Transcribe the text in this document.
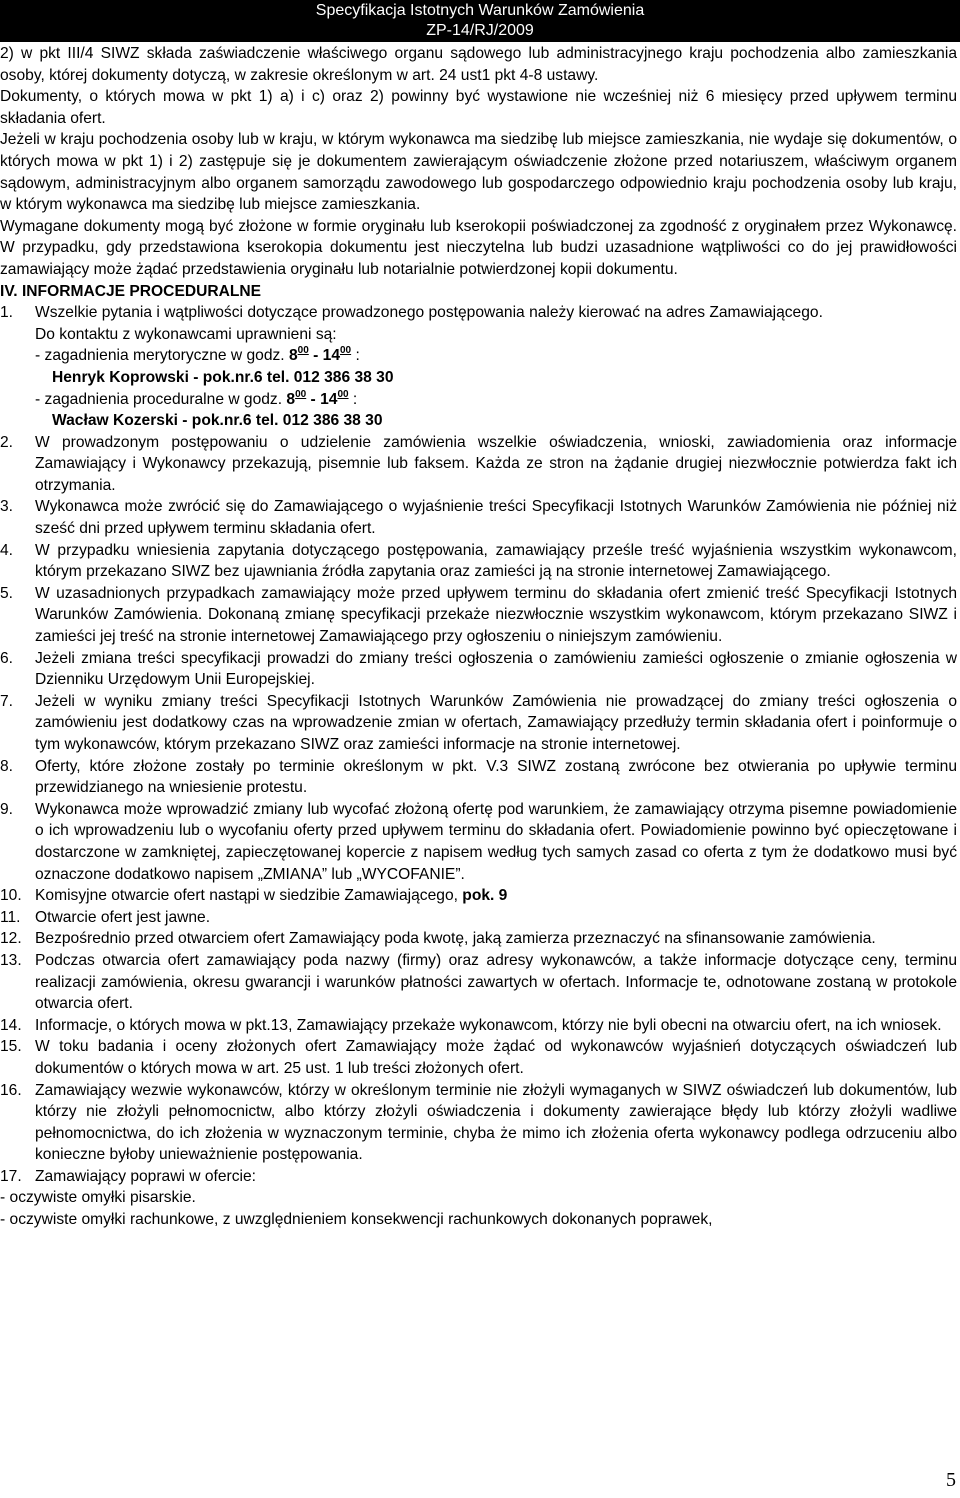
Specyfikacja Istotnych Warunków Zamówienia
ZP-14/RJ/2009

2) w pkt III/4 SIWZ składa zaświadczenie właściwego organu sądowego lub administracyjnego kraju pochodzenia albo zamieszkania osoby, której dokumenty dotyczą, w zakresie określonym w art. 24 ust1 pkt 4-8 ustawy.

Dokumenty, o których mowa w pkt 1) a) i c) oraz 2) powinny być wystawione nie wcześniej niż 6 miesięcy przed upływem terminu składania ofert.

Jeżeli w kraju pochodzenia osoby lub w kraju, w którym wykonawca ma siedzibę lub miejsce zamieszkania, nie wydaje się dokumentów, o których mowa w pkt 1) i 2) zastępuje się je dokumentem zawierającym oświadczenie złożone przed notariuszem, właściwym organem sądowym, administracyjnym albo organem samorządu zawodowego lub gospodarczego odpowiednio kraju pochodzenia osoby lub kraju, w którym wykonawca ma siedzibę lub miejsce zamieszkania.

Wymagane dokumenty mogą być złożone w formie oryginału lub kserokopii poświadczonej za zgodność z oryginałem przez Wykonawcę. W przypadku, gdy przedstawiona kserokopia dokumentu jest nieczytelna lub budzi uzasadnione wątpliwości co do jej prawidłowości zamawiający może żądać przedstawienia oryginału lub notarialnie potwierdzonej kopii dokumentu.

IV. INFORMACJE PROCEDURALNE

1.	Wszelkie pytania i wątpliwości dotyczące prowadzonego postępowania należy kierować na adres Zamawiającego.
Do kontaktu z wykonawcami uprawnieni są:
- zagadnienia merytoryczne w godz. $8^{00} - 14^{00}$ :
Henryk Koprowski - pok.nr.6 tel. 012 386 38 30
- zagadnienia proceduralne w godz. $8^{00} - 14^{00}$ :
Wacław Kozerski - pok.nr.6 tel. 012 386 38 30
2.	W prowadzonym postępowaniu o udzielenie zamówienia wszelkie oświadczenia, wnioski, zawiadomienia oraz informacje Zamawiający i Wykonawcy przekazują, pisemnie lub faksem. Każda ze stron na żądanie drugiej niezwłocznie potwierdza fakt ich otrzymania.
3.	Wykonawca może zwrócić się do Zamawiającego o wyjaśnienie treści Specyfikacji Istotnych Warunków Zamówienia nie później niż sześć dni przed upływem terminu składania ofert.
4.	W przypadku wniesienia zapytania dotyczącego postępowania, zamawiający prześle treść wyjaśnienia wszystkim wykonawcom, którym przekazano SIWZ bez ujawniania źródła zapytania oraz zamieści ją na stronie internetowej Zamawiającego.
5.	W uzasadnionych przypadkach zamawiający może przed upływem terminu do składania ofert zmienić treść Specyfikacji Istotnych Warunków Zamówienia. Dokonaną zmianę specyfikacji przekaże niezwłocznie wszystkim wykonawcom, którym przekazano SIWZ i zamieści jej treść na stronie internetowej Zamawiającego przy ogłoszeniu o niniejszym zamówieniu.
6.	Jeżeli zmiana treści specyfikacji prowadzi do zmiany treści ogłoszenia o zamówieniu zamieści ogłoszenie o zmianie ogłoszenia w Dzienniku Urzędowym Unii Europejskiej.
7.	Jeżeli w wyniku zmiany treści Specyfikacji Istotnych Warunków Zamówienia nie prowadzącej do zmiany treści ogłoszenia o zamówieniu jest dodatkowy czas na wprowadzenie zmian w ofertach, Zamawiający przedłuży termin składania ofert i poinformuje o tym wykonawców, którym przekazano SIWZ oraz zamieści informacje na stronie internetowej.
8.	Oferty, które złożone zostały po terminie określonym w pkt. V.3 SIWZ zostaną zwrócone bez otwierania po upływie terminu przewidzianego na wniesienie protestu.
9.	Wykonawca może wprowadzić zmiany lub wycofać złożoną ofertę pod warunkiem, że zamawiający otrzyma pisemne powiadomienie o ich wprowadzeniu lub o wycofaniu oferty przed upływem terminu do składania ofert. Powiadomienie powinno być opieczętowane i dostarczone w zamkniętej, zapieczętowanej kopercie z napisem według tych samych zasad co oferta z tym że dodatkowo musi być oznaczone dodatkowo napisem „ZMIANA” lub „WYCOFANIE”.
10. Komisyjne otwarcie ofert nastąpi w siedzibie Zamawiającego, pok. 9
11. Otwarcie ofert jest jawne.
12. Bezpośrednio przed otwarciem ofert Zamawiający poda kwotę, jaką zamierza przeznaczyć na sfinansowanie zamówienia.
13. Podczas otwarcia ofert zamawiający poda nazwy (firmy) oraz adresy wykonawców, a także informacje dotyczące ceny, terminu realizacji zamówienia, okresu gwarancji i warunków płatności zawartych w ofertach. Informacje te, odnotowane zostaną w protokole otwarcia ofert.
14. Informacje, o których mowa w pkt.13, Zamawiający przekaże wykonawcom, którzy nie byli obecni na otwarciu ofert, na ich wniosek.
15. W toku badania i oceny złożonych ofert Zamawiający może żądać od wykonawców wyjaśnień dotyczących oświadczeń lub dokumentów o których mowa w art. 25 ust. 1 lub treści złożonych ofert.
16. Zamawiający wezwie wykonawców, którzy w określonym terminie nie złożyli wymaganych w SIWZ oświadczeń lub dokumentów, lub którzy nie złożyli pełnomocnictw, albo którzy złożyli oświadczenia i dokumenty zawierające błędy lub którzy złożyli wadliwe pełnomocnictwa, do ich złożenia w wyznaczonym terminie, chyba że mimo ich złożenia oferta wykonawcy podlega odrzuceniu albo konieczne byłoby unieważnienie postępowania.
17. Zamawiający poprawi w ofercie:
- oczywiste omyłki pisarskie.
- oczywiste omyłki rachunkowe, z uwzględnieniem konsekwencji rachunkowych dokonanych poprawek,
5
